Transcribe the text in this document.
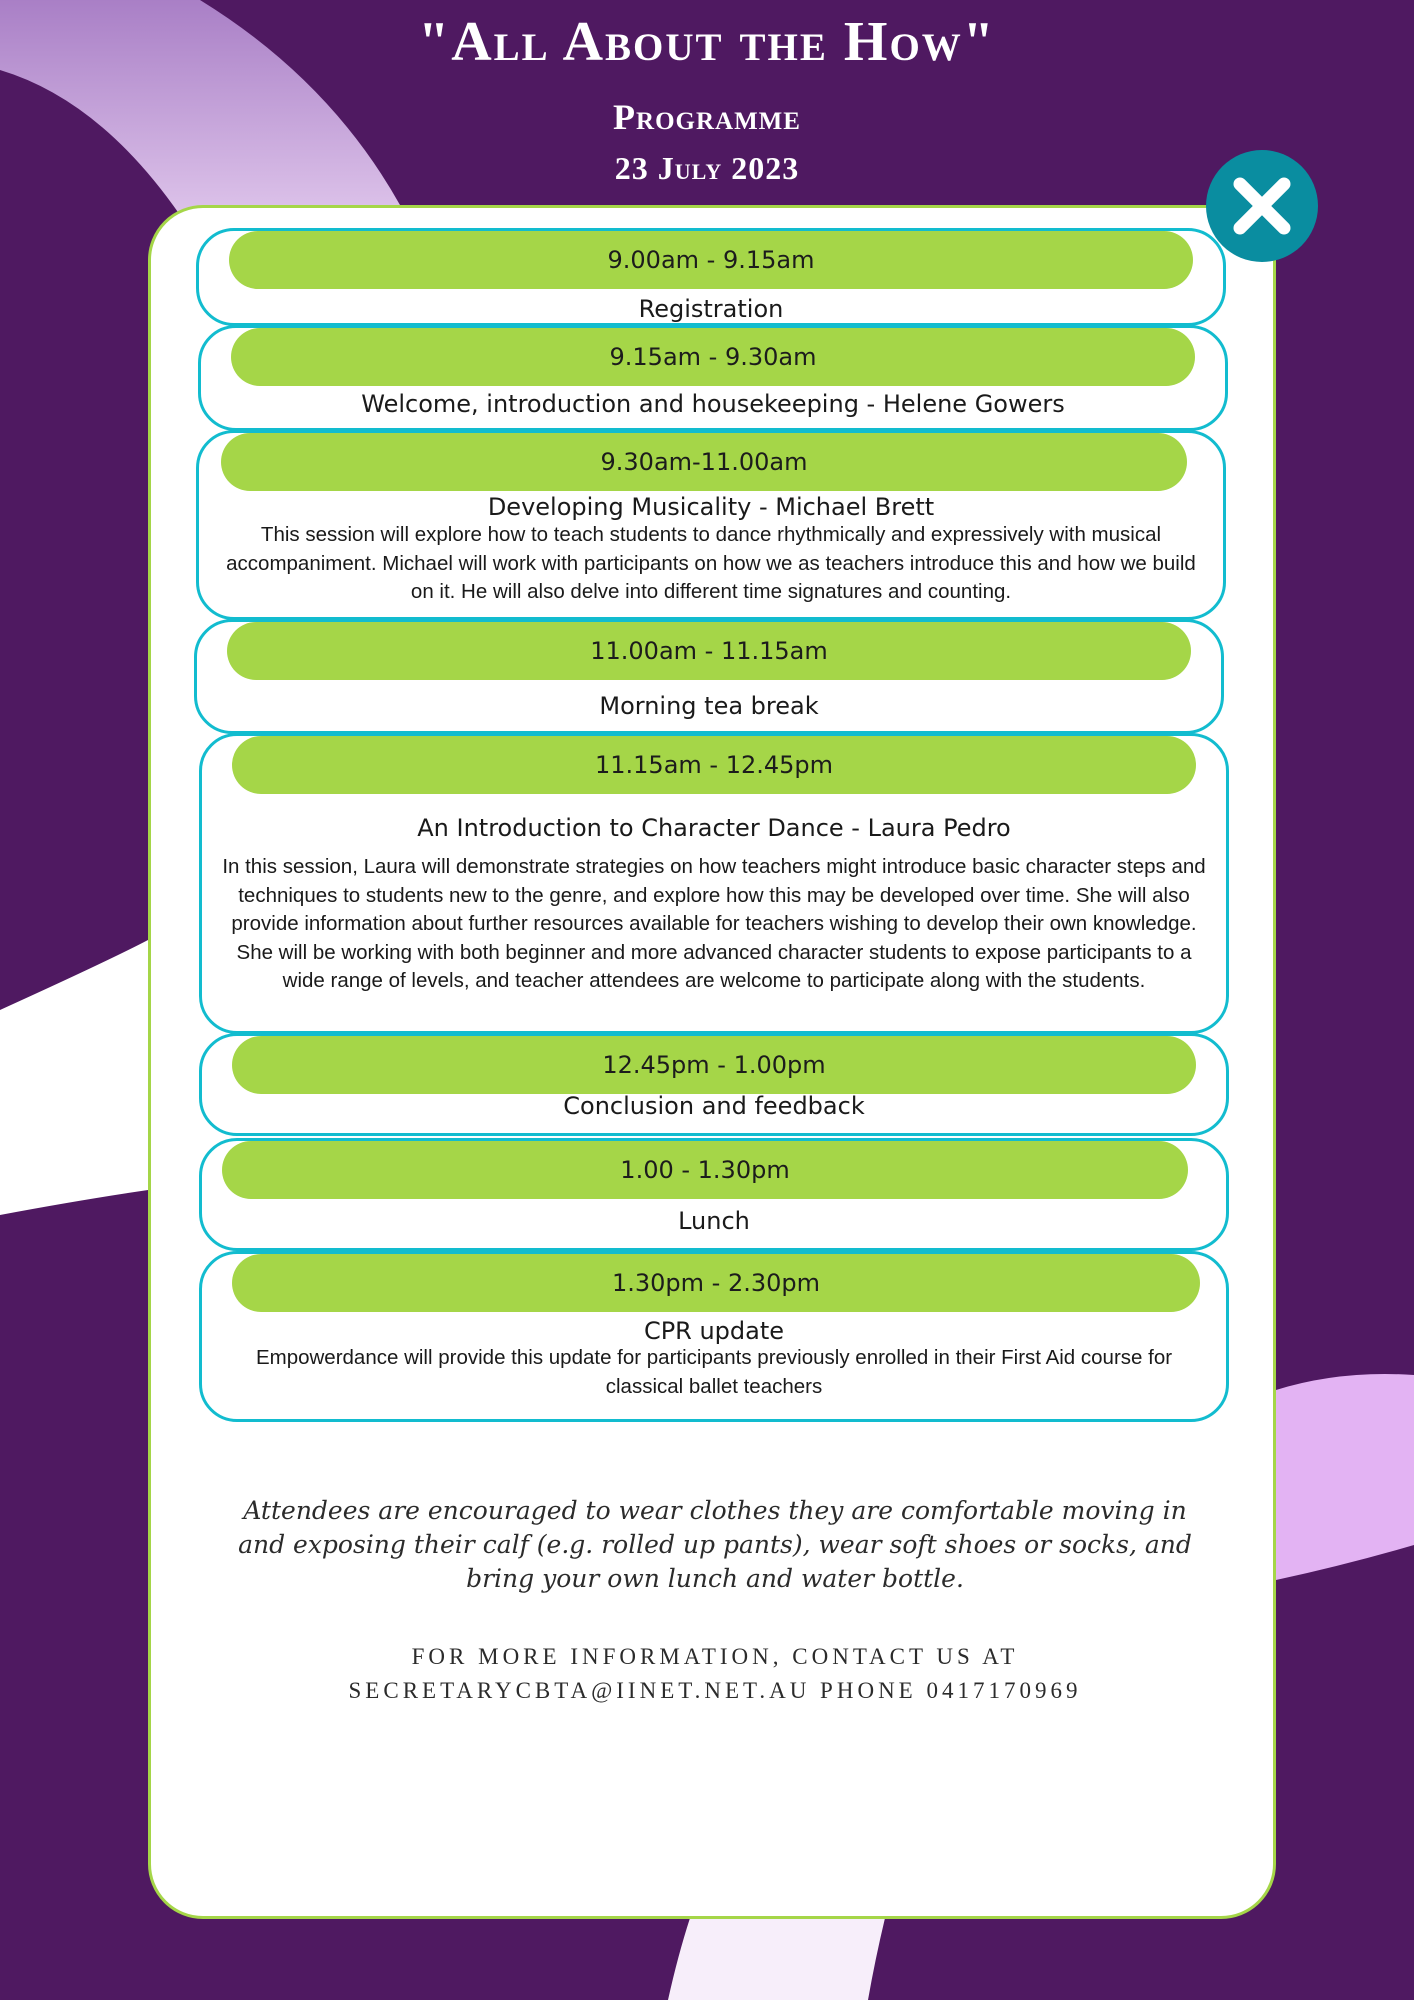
"All About the How"
Programme
23 July 2023
9.00am - 9.15am

Registration

9.15am - 9.30am

Welcome, introduction and housekeeping - Helene Gowers

9.30am-11.00am

Developing Musicality - Michael Brett

This session will explore how to teach students to dance rhythmically and expressively with musical accompaniment. Michael will work with participants on how we as teachers introduce this and how we build on it. He will also delve into different time signatures and counting.

11.00am - 11.15am

Morning tea break

11.15am - 12.45pm

An Introduction to Character Dance - Laura Pedro

In this session, Laura will demonstrate strategies on how teachers might introduce basic character steps and techniques to students new to the genre, and explore how this may be developed over time. She will also provide information about further resources available for teachers wishing to develop their own knowledge. She will be working with both beginner and more advanced character students to expose participants to a wide range of levels, and teacher attendees are welcome to participate along with the students.

12.45pm - 1.00pm

Conclusion and feedback

1.00 - 1.30pm

Lunch

1.30pm - 2.30pm

CPR update

Empowerdance will provide this update for participants previously enrolled in their First Aid course for classical ballet teachers

Attendees are encouraged to wear clothes they are comfortable moving in and exposing their calf (e.g. rolled up pants), wear soft shoes or socks, and bring your own lunch and water bottle.

FOR MORE INFORMATION, CONTACT US AT
SECRETARYCBTA@IINET.NET.AU PHONE 0417170969
